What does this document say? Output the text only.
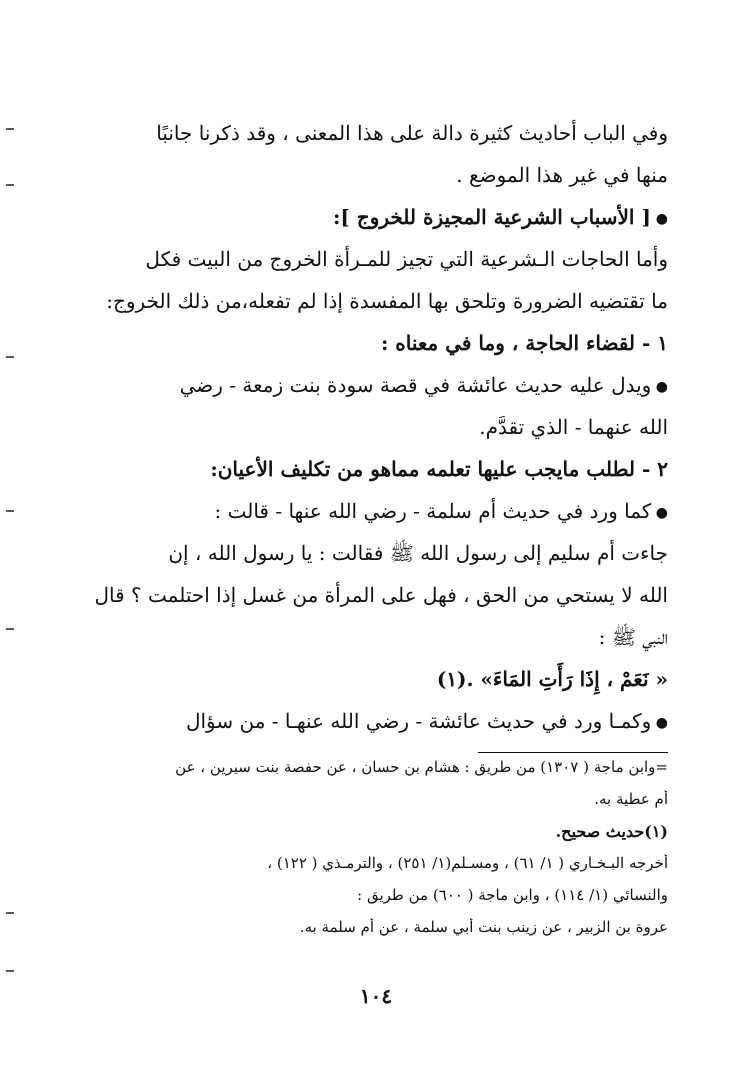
وفي الباب أحاديث كثيرة دالة على هذا المعنى ، وقد ذكرنا جانبًا
منها في غير هذا الموضع .
● [ الأسباب الشرعية المجيزة للخروج ]:
وأما الحاجات الـشرعية التي تجيز للمـرأة الخروج من البيت فكل
ما تقتضيه الضرورة وتلحق بها المفسدة إذا لم تفعله،من ذلك الخروج:
١ - لقضاء الحاجة ، وما في معناه :
● ويدل عليه حديث عائشة في قصة سودة بنت زمعة - رضي
الله عنهما - الذي تقدَّم.
٢ - لطلب مايجب عليها تعلمه مماهو من تكليف الأعيان:
● كما ورد في حديث أم سلمة - رضي الله عنها - قالت :
جاءت أم سليم إلى رسول الله ﷺ فقالت : يا رسول الله ، إن
الله لا يستحي من الحق ، فهل على المرأة من غسل إذا احتلمت ؟ قال
النبي ﷺ :
« نَعَمْ ، إِذَا رَأَتِ المَاءَ» .(١)
● وكمـا ورد في حديث عائشة - رضي الله عنهـا - من سؤال
=وابن ماجة ( ١٣٠٧) من طريق : هشام بن حسان ، عن حفصة بنت سيرين ، عن
أم عطية به.
(١)حديث صحيح.
أخرجه البـخـاري ( ١/ ٦١) ، ومسـلم(١/ ٢٥١) ، والترمـذي ( ١٢٢) ،
والنسائي (١/ ١١٤) ، وابن ماجة ( ٦٠٠) من طريق :
عروة بن الزبير ، عن زينب بنت أبي سلمة ، عن أم سلمة به.
١٠٤
